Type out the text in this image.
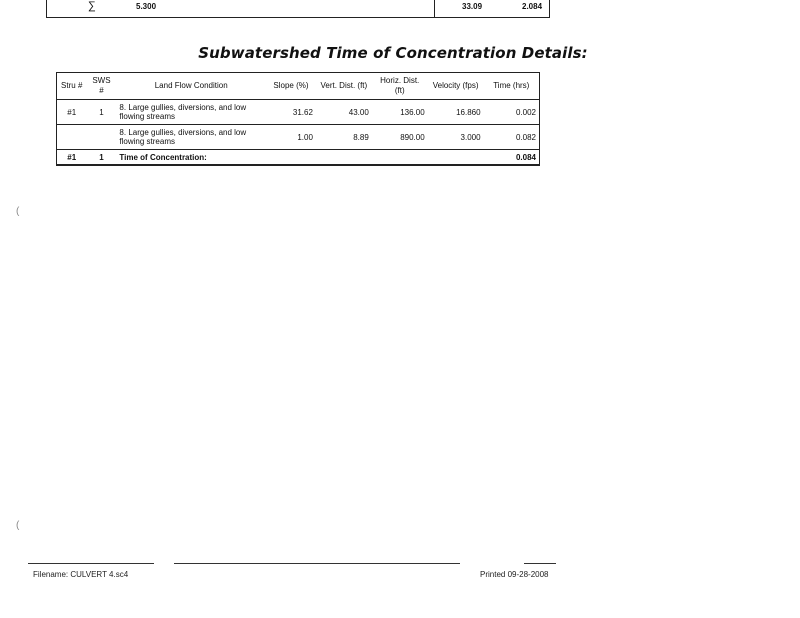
∑	5.300	33.09	2.084
Subwatershed Time of Concentration Details:
Stru #	SWS #	Land Flow Condition	Slope (%)	Vert. Dist. (ft)	Horiz. Dist. (ft)	Velocity (fps)	Time (hrs)
#1	1	8. Large gullies, diversions, and low flowing streams	31.62	43.00	136.00	16.860	0.002
		8. Large gullies, diversions, and low flowing streams	1.00	8.89	890.00	3.000	0.082
#1	1	Time of Concentration:					0.084
(
(
Filename: CULVERT 4.sc4	Printed 09-28-2008
